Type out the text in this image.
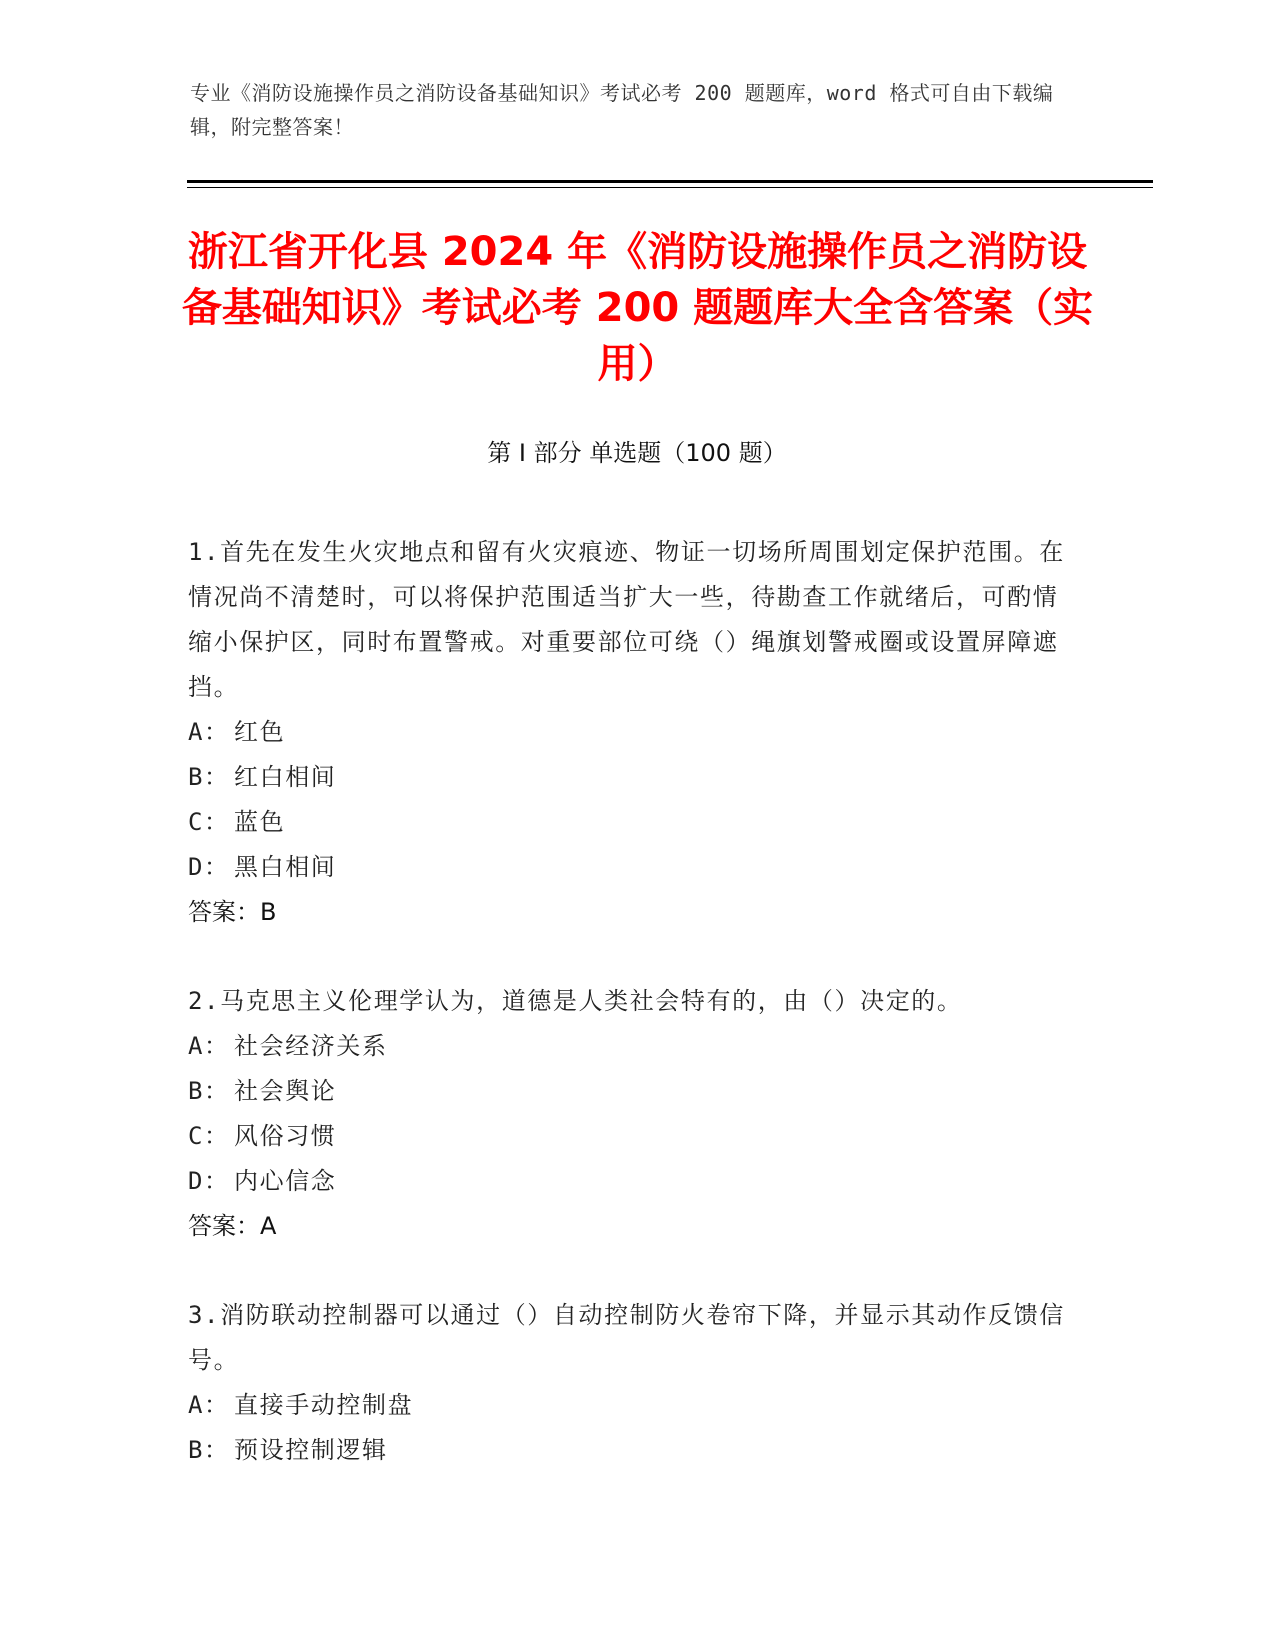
专业《消防设施操作员之消防设备基础知识》考试必考 200 题题库，word 格式可自由下载编辑，附完整答案！
浙江省开化县 2024 年《消防设施操作员之消防设备基础知识》考试必考 200 题题库大全含答案（实用）
第 I 部分 单选题（100 题）
1.首先在发生火灾地点和留有火灾痕迹、物证一切场所周围划定保护范围。在情况尚不清楚时，可以将保护范围适当扩大一些，待勘查工作就绪后，可酌情缩小保护区，同时布置警戒。对重要部位可绕（）绳旗划警戒圈或设置屏障遮挡。
A： 红色
B： 红白相间
C： 蓝色
D： 黑白相间
答案：B
2.马克思主义伦理学认为，道德是人类社会特有的，由（）决定的。
A： 社会经济关系
B： 社会舆论
C： 风俗习惯
D： 内心信念
答案：A
3.消防联动控制器可以通过（）自动控制防火卷帘下降，并显示其动作反馈信号。
A： 直接手动控制盘
B： 预设控制逻辑
